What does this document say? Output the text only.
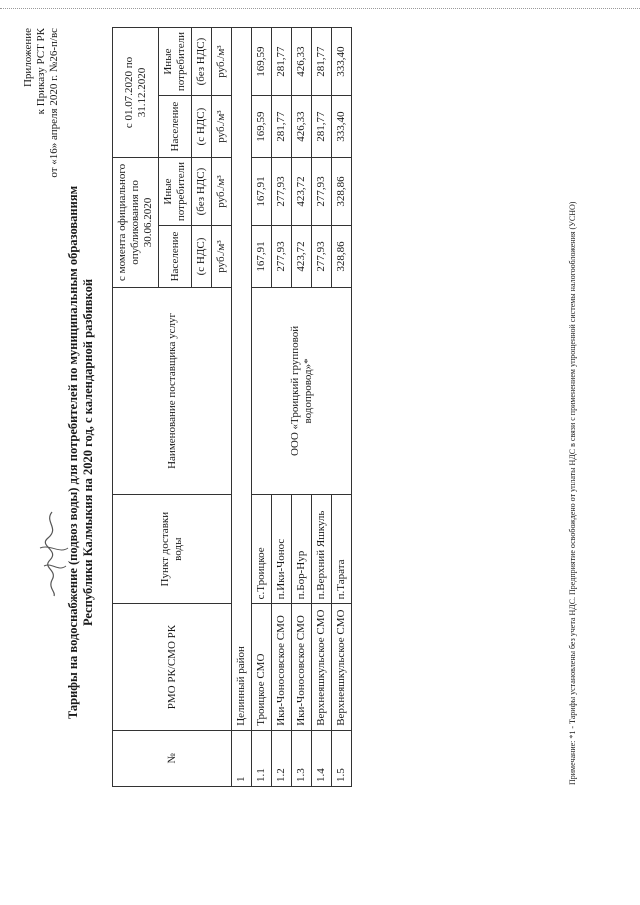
Приложение к Приказу РСТ РК от «16» апреля 2020 г. №26-п/вс
Тарифы на водоснабжение (подвоз воды) для потребителей по муниципальным образованиям Республики Калмыкия на 2020 год, с календарной разбивкой
№	РМО РК/СМО РК	Пункт доставки воды	Наименование поставщика услуг	с момента официального опубликования по 30.06.2020		с 01.07.2020 по 31.12.2020	
				Население	Иные потребители	Население	Иные потребители
				(с НДС)	(без НДС)	(с НДС)	(без НДС)
				руб./м³	руб./м³	руб./м³	руб./м³
1	Целинный район						
1.1	Троицкое СМО	с.Троицкое	ООО «Троицкий групповой водопровод»*	167,91	167,91	169,59	169,59
1.2	Ики-Чоносовское СМО	п.Ики-Чонос		277,93	277,93	281,77	281,77
1.3	Ики-Чоносовское СМО	п.Бор-Нур		423,72	423,72	426,33	426,33
1.4	Верхнеяшкульское СМО	п.Верхний Яшкуль		277,93	277,93	281,77	281,77
1.5	Верхнеяшкульское СМО	п.Тарата		328,86	328,86	333,40	333,40
Примечание: *1 - Тарифы установлены без учета НДС. Предприятие освобождено от уплаты НДС в связи с применением упрощенной системы налогообложения (УСНО)
